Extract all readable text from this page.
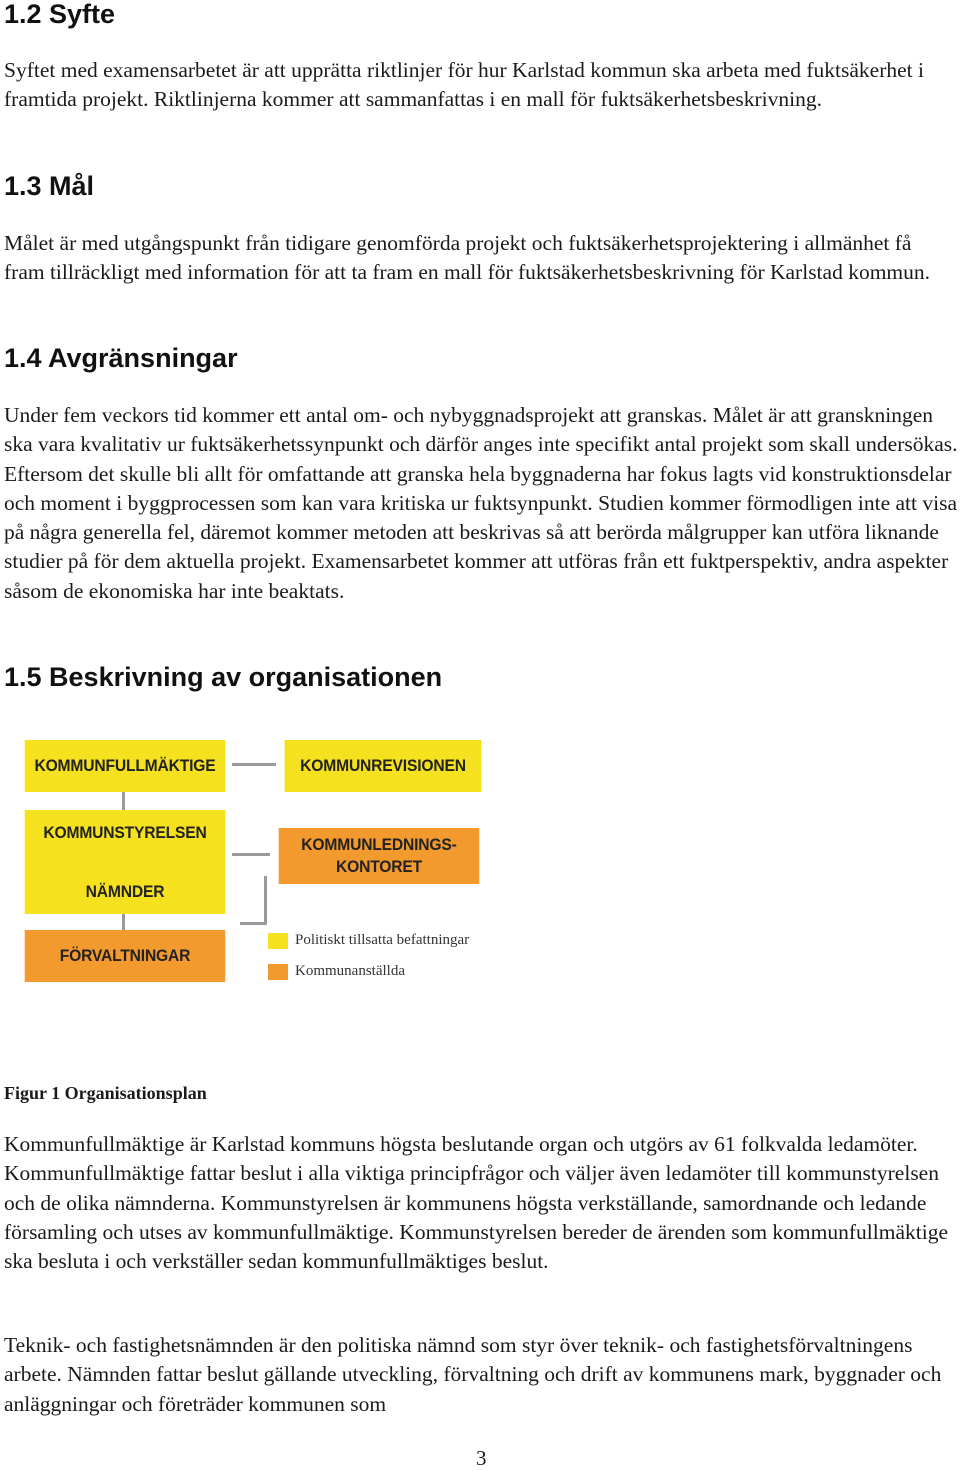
1.2 Syfte

Syftet med examensarbetet är att upprätta riktlinjer för hur Karlstad kommun ska arbeta med fuktsäkerhet i framtida projekt. Riktlinjerna kommer att sammanfattas i en mall för fuktsäkerhetsbeskrivning.

1.3 Mål

Målet är med utgångspunkt från tidigare genomförda projekt och fuktsäkerhetsprojektering i allmänhet få fram tillräckligt med information för att ta fram en mall för fuktsäkerhetsbeskrivning för Karlstad kommun.

1.4 Avgränsningar

Under fem veckors tid kommer ett antal om- och nybyggnadsprojekt att granskas. Målet är att granskningen ska vara kvalitativ ur fuktsäkerhetssynpunkt och därför anges inte specifikt antal projekt som skall undersökas. Eftersom det skulle bli allt för omfattande att granska hela byggnaderna har fokus lagts vid konstruktionsdelar och moment i byggprocessen som kan vara kritiska ur fuktsynpunkt. Studien kommer förmodligen inte att visa på några generella fel, däremot kommer metoden att beskrivas så att berörda målgrupper kan utföra liknande studier på för dem aktuella projekt. Examensarbetet kommer att utföras från ett fuktperspektiv, andra aspekter såsom de ekonomiska har inte beaktats.

1.5 Beskrivning av organisationen
KOMMUNFULLMÄKTIGE	KOMMUNREVISIONEN
KOMMUNSTYRELSEN
NÄMNDER
KOMMUNLEDNINGS-
KONTORET
FÖRVALTNINGAR
Politiskt tillsatta befattningar
Kommunanställda
Figur 1 Organisationsplan

Kommunfullmäktige är Karlstad kommuns högsta beslutande organ och utgörs av 61 folkvalda ledamöter. Kommunfullmäktige fattar beslut i alla viktiga principfrågor och väljer även ledamöter till kommunstyrelsen och de olika nämnderna. Kommunstyrelsen är kommunens högsta verkställande, samordnande och ledande församling och utses av kommunfullmäktige. Kommunstyrelsen bereder de ärenden som kommunfullmäktige ska besluta i och verkställer sedan kommunfullmäktiges beslut.

Teknik- och fastighetsnämnden är den politiska nämnd som styr över teknik- och fastighetsförvaltningens arbete. Nämnden fattar beslut gällande utveckling, förvaltning och drift av kommunens mark, byggnader och anläggningar och företräder kommunen som

3
